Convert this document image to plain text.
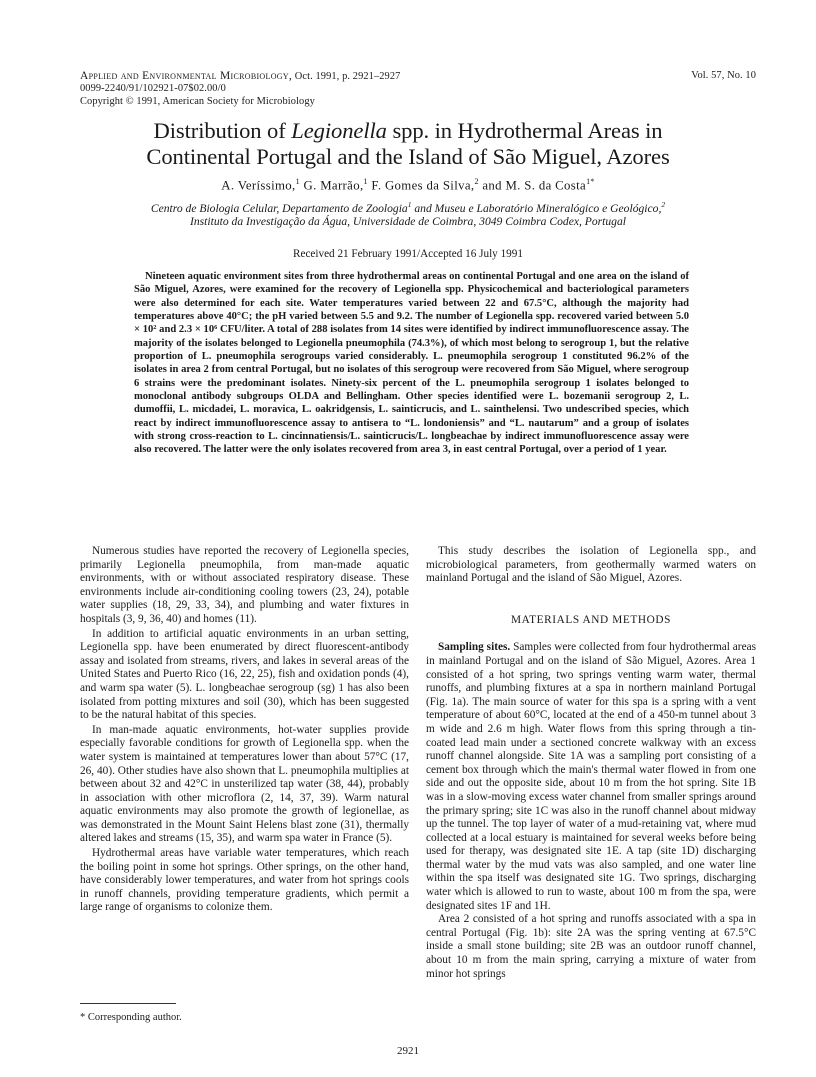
Applied and Environmental Microbiology, Oct. 1991, p. 2921–2927	Vol. 57, No. 10
0099-2240/91/102921-07$02.00/0
Copyright © 1991, American Society for Microbiology
Distribution of Legionella spp. in Hydrothermal Areas in
Continental Portugal and the Island of São Miguel, Azores
A. Veríssimo,$^1$ G. Marrão,$^1$ F. Gomes da Silva,$^2$ and M. S. da Costa$^{1*}$
Centro de Biologia Celular, Departamento de Zoologia$^1$ and Museu e Laboratório Mineralógico e Geológico,$^2$
Instituto da Investigação da Água, Universidade de Coimbra, 3049 Coimbra Codex, Portugal
Received 21 February 1991/Accepted 16 July 1991
Nineteen aquatic environment sites from three hydrothermal areas on continental Portugal and one area on the island of São Miguel, Azores, were examined for the recovery of Legionella spp. Physicochemical and bacteriological parameters were also determined for each site. Water temperatures varied between 22 and 67.5°C, although the majority had temperatures above 40°C; the pH varied between 5.5 and 9.2. The number of Legionella spp. recovered varied between 5.0 × 10² and 2.3 × 10⁶ CFU/liter. A total of 288 isolates from 14 sites were identified by indirect immunofluorescence assay. The majority of the isolates belonged to Legionella pneumophila (74.3%), of which most belong to serogroup 1, but the relative proportion of L. pneumophila serogroups varied considerably. L. pneumophila serogroup 1 constituted 96.2% of the isolates in area 2 from central Portugal, but no isolates of this serogroup were recovered from São Miguel, where serogroup 6 strains were the predominant isolates. Ninety-six percent of the L. pneumophila serogroup 1 isolates belonged to monoclonal antibody subgroups OLDA and Bellingham. Other species identified were L. bozemanii serogroup 2, L. dumoffii, L. micdadei, L. moravica, L. oakridgensis, L. sainticrucis, and L. sainthelensi. Two undescribed species, which react by indirect immunofluorescence assay to antisera to “L. londoniensis” and “L. nautarum” and a group of isolates with strong cross-reaction to L. cincinnatiensis/L. sainticrucis/L. longbeachae by indirect immunofluorescence assay were also recovered. The latter were the only isolates recovered from area 3, in east central Portugal, over a period of 1 year.

Numerous studies have reported the recovery of Legionella species, primarily Legionella pneumophila, from man-made aquatic environments, with or without associated respiratory disease. These environments include air-conditioning cooling towers (23, 24), potable water supplies (18, 29, 33, 34), and plumbing and water fixtures in hospitals (3, 9, 36, 40) and homes (11).

In addition to artificial aquatic environments in an urban setting, Legionella spp. have been enumerated by direct fluorescent-antibody assay and isolated from streams, rivers, and lakes in several areas of the United States and Puerto Rico (16, 22, 25), fish and oxidation ponds (4), and warm spa water (5). L. longbeachae serogroup (sg) 1 has also been isolated from potting mixtures and soil (30), which has been suggested to be the natural habitat of this species.

In man-made aquatic environments, hot-water supplies provide especially favorable conditions for growth of Legionella spp. when the water system is maintained at temperatures lower than about 57°C (17, 26, 40). Other studies have also shown that L. pneumophila multiplies at between about 32 and 42°C in unsterilized tap water (38, 44), probably in association with other microflora (2, 14, 37, 39). Warm natural aquatic environments may also promote the growth of legionellae, as was demonstrated in the Mount Saint Helens blast zone (31), thermally altered lakes and streams (15, 35), and warm spa water in France (5).

Hydrothermal areas have variable water temperatures, which reach the boiling point in some hot springs. Other springs, on the other hand, have considerably lower temperatures, and water from hot springs cools in runoff channels, providing temperature gradients, which permit a large range of organisms to colonize them.

This study describes the isolation of Legionella spp., and microbiological parameters, from geothermally warmed waters on mainland Portugal and the island of São Miguel, Azores.

MATERIALS AND METHODS

Sampling sites. Samples were collected from four hydrothermal areas in mainland Portugal and on the island of São Miguel, Azores. Area 1 consisted of a hot spring, two springs venting warm water, thermal runoffs, and plumbing fixtures at a spa in northern mainland Portugal (Fig. 1a). The main source of water for this spa is a spring with a vent temperature of about 60°C, located at the end of a 450-m tunnel about 3 m wide and 2.6 m high. Water flows from this spring through a tin-coated lead main under a sectioned concrete walkway with an excess runoff channel alongside. Site 1A was a sampling port consisting of a cement box through which the main's thermal water flowed in from one side and out the opposite side, about 10 m from the hot spring. Site 1B was in a slow-moving excess water channel from smaller springs around the primary spring; site 1C was also in the runoff channel about midway up the tunnel. The top layer of water of a mud-retaining vat, where mud collected at a local estuary is maintained for several weeks before being used for therapy, was designated site 1E. A tap (site 1D) discharging thermal water by the mud vats was also sampled, and one water line within the spa itself was designated site 1G. Two springs, discharging water which is allowed to run to waste, about 100 m from the spa, were designated sites 1F and 1H.

Area 2 consisted of a hot spring and runoffs associated with a spa in central Portugal (Fig. 1b): site 2A was the spring venting at 67.5°C inside a small stone building; site 2B was an outdoor runoff channel, about 10 m from the main spring, carrying a mixture of water from minor hot springs

* Corresponding author.
2921
